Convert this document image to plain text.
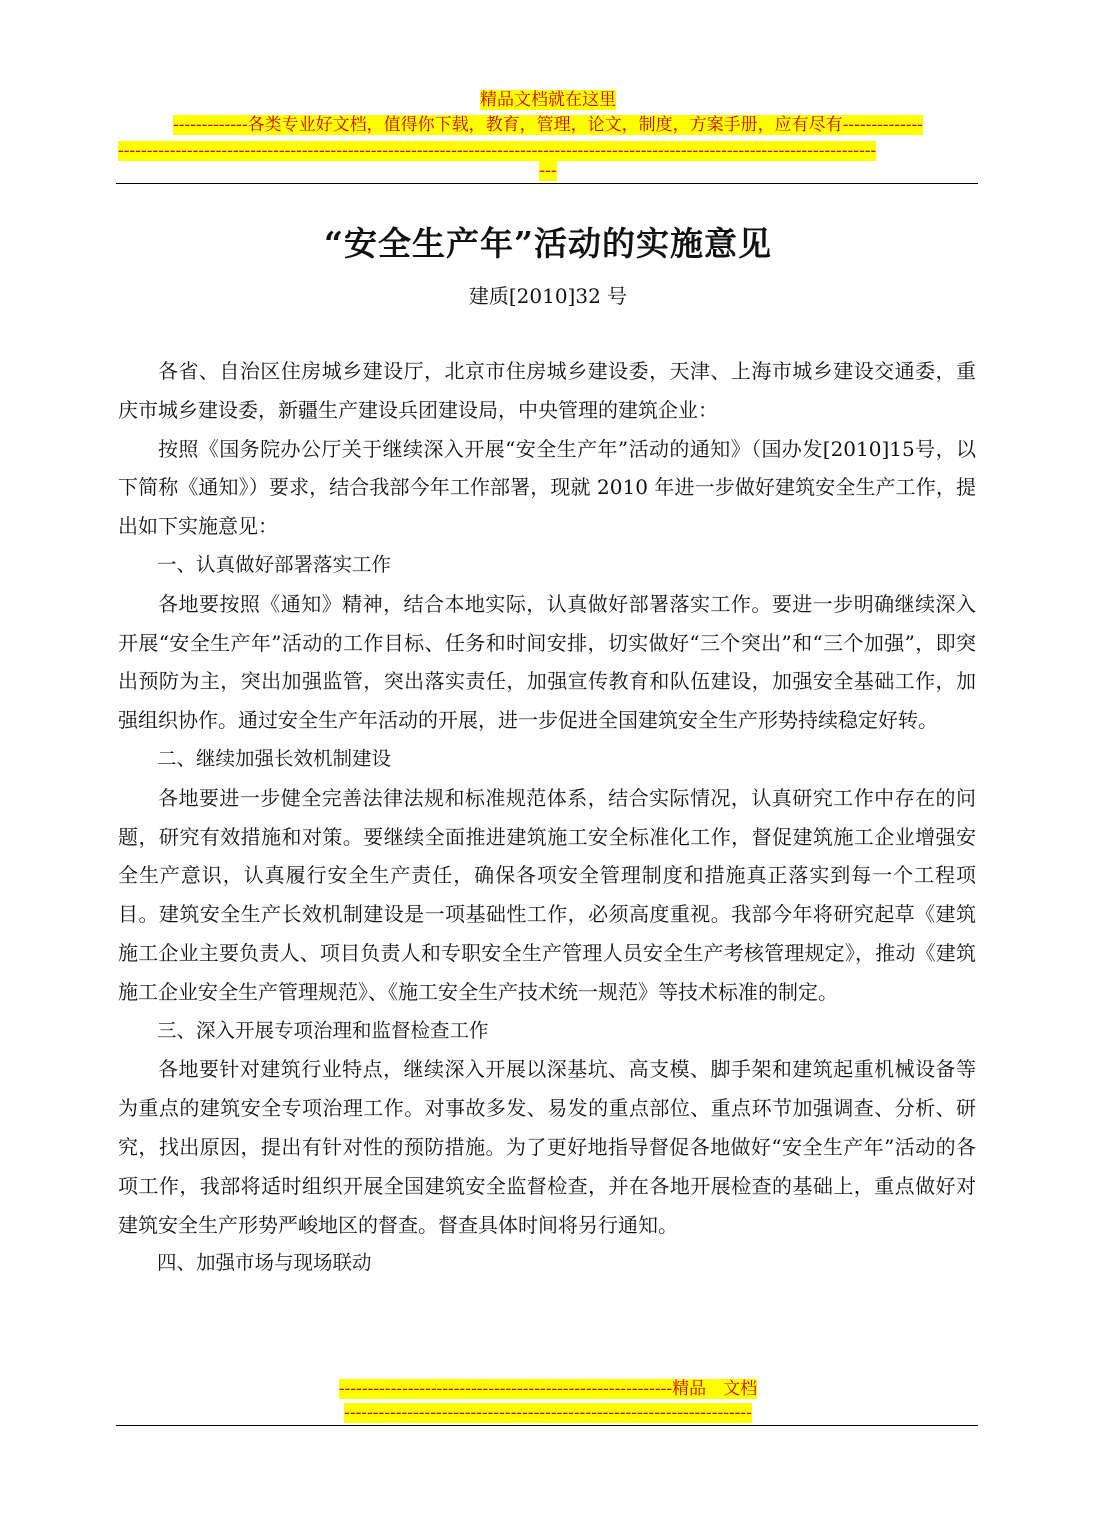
精品文档就在这里
-------------各类专业好文档，值得你下载，教育，管理，论文，制度，方案手册，应有尽有--------------
------------------------------------------------------------------------------------------------------------------------------------
---
“安全生产年”活动的实施意见
建质[2010]32 号

各省、自治区住房城乡建设厅，北京市住房城乡建设委，天津、上海市城乡建设交通委，重庆市城乡建设委，新疆生产建设兵团建设局，中央管理的建筑企业：

按照《国务院办公厅关于继续深入开展“安全生产年”活动的通知》（国办发[2010]15号，以下简称《通知》）要求，结合我部今年工作部署，现就 2010 年进一步做好建筑安全生产工作，提出如下实施意见：

一、认真做好部署落实工作

各地要按照《通知》精神，结合本地实际，认真做好部署落实工作。要进一步明确继续深入开展“安全生产年”活动的工作目标、任务和时间安排，切实做好“三个突出”和“三个加强”，即突出预防为主，突出加强监管，突出落实责任，加强宣传教育和队伍建设，加强安全基础工作，加强组织协作。通过安全生产年活动的开展，进一步促进全国建筑安全生产形势持续稳定好转。

二、继续加强长效机制建设

各地要进一步健全完善法律法规和标准规范体系，结合实际情况，认真研究工作中存在的问题，研究有效措施和对策。要继续全面推进建筑施工安全标准化工作，督促建筑施工企业增强安全生产意识，认真履行安全生产责任，确保各项安全管理制度和措施真正落实到每一个工程项目。建筑安全生产长效机制建设是一项基础性工作，必须高度重视。我部今年将研究起草《建筑施工企业主要负责人、项目负责人和专职安全生产管理人员安全生产考核管理规定》，推动《建筑施工企业安全生产管理规范》、《施工安全生产技术统一规范》等技术标准的制定。

三、深入开展专项治理和监督检查工作

各地要针对建筑行业特点，继续深入开展以深基坑、高支模、脚手架和建筑起重机械设备等为重点的建筑安全专项治理工作。对事故多发、易发的重点部位、重点环节加强调查、分析、研究，找出原因，提出有针对性的预防措施。为了更好地指导督促各地做好“安全生产年”活动的各项工作，我部将适时组织开展全国建筑安全监督检查，并在各地开展检查的基础上，重点做好对建筑安全生产形势严峻地区的督查。督查具体时间将另行通知。

四、加强市场与现场联动

----------------------------------------------------------精品　文档
-----------------------------------------------------------------------
